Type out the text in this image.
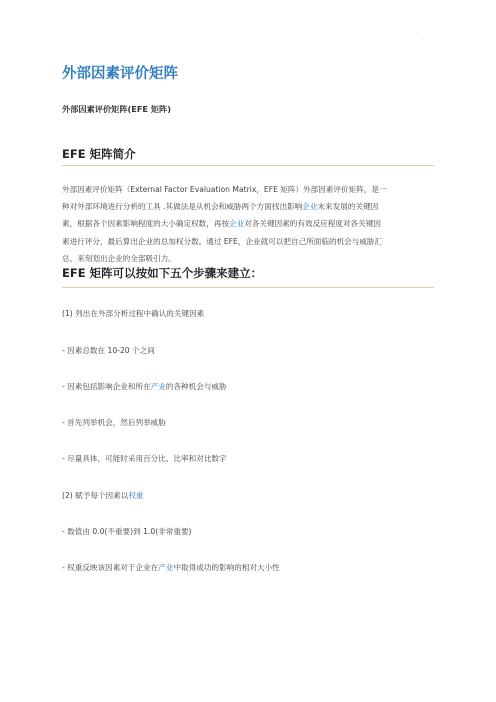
.
外部因素评价矩阵
外部因素评价矩阵(EFE 矩阵)
EFE 矩阵简介
外部因素评价矩阵（External Factor Evaluation Matrix，EFE 矩阵）外部因素评价矩阵，是一
种对外部环境进行分析的工具 .其做法是从机会和威胁两个方面找出影响企业未来发展的关键因
素，根据各个因素影响程度的大小确定权数，再按企业对各关键因素的有效反应程度对各关键因
素进行评分，最后算出企业的总加权分数。通过 EFE，企业就可以把自己所面临的机会与威胁汇
总，来刻划出企业的全部吸引力。
EFE 矩阵可以按如下五个步骤来建立：
(1) 列出在外部分析过程中确认的关键因素
- 因素总数在 10-20 个之间
- 因素包括影响企业和所在产业的各种机会与威胁
- 首先列举机会，然后列举威胁
- 尽量具体，可能时采用百分比、比率和对比数字
(2) 赋予每个因素以权重
- 数值由 0.0(不重要)到 1.0(非常重要)
- 权重反映该因素对于企业在产业中取得成功的影响的相对大小性
